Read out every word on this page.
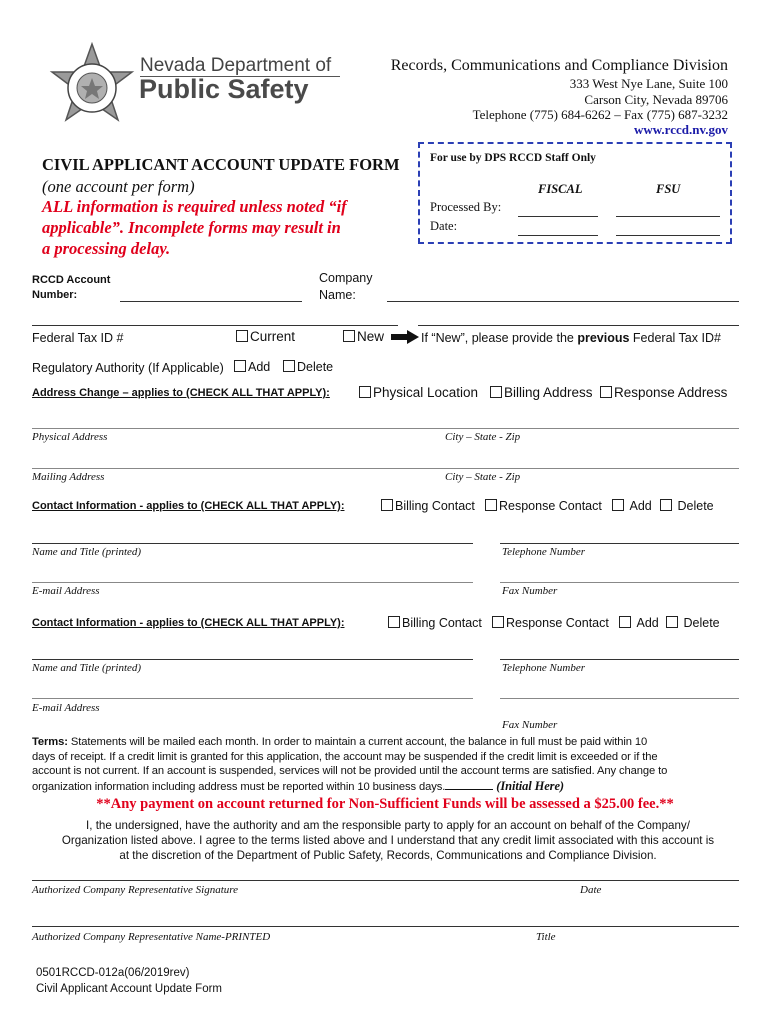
Nevada Department of
Public Safety
Records, Communications and Compliance Division
333 West Nye Lane, Suite 100
Carson City, Nevada 89706
Telephone (775) 684-6262 – Fax (775) 687-3232
www.rccd.nv.gov
CIVIL APPLICANT ACCOUNT UPDATE FORM
(one account per form)
ALL information is required unless noted “if
applicable”. Incomplete forms may result in
a processing delay.
For use by DPS RCCD Staff Only
FISCAL	FSU
Processed By:
Date:
RCCD Account
Number:
Company
Name:
Federal Tax ID #	Current	New	If “New”, please provide the previous Federal Tax ID#
Regulatory Authority (If Applicable)	Add	Delete
Address Change – applies to (CHECK ALL THAT APPLY):	Physical Location	Billing Address	Response Address
Physical Address	City – State - Zip
Mailing Address	City – State - Zip
Contact Information - applies to (CHECK ALL THAT APPLY):	Billing Contact	Response Contact	Add	Delete
Name and Title (printed)	Telephone Number
E-mail Address	Fax Number
Contact Information - applies to (CHECK ALL THAT APPLY):	Billing Contact	Response Contact	Add	Delete
Name and Title (printed)	Telephone Number
E-mail Address
Fax Number
Terms: Statements will be mailed each month. In order to maintain a current account, the balance in full must be paid within 10
days of receipt. If a credit limit is granted for this application, the account may be suspended if the credit limit is exceeded or if the
account is not current. If an account is suspended, services will not be provided until the account terms are satisfied. Any change to
organization information including address must be reported within 10 business days.	(Initial Here)
**Any payment on account returned for Non-Sufficient Funds will be assessed a $25.00 fee.**
I, the undersigned, have the authority and am the responsible party to apply for an account on behalf of the Company/
Organization listed above. I agree to the terms listed above and I understand that any credit limit associated with this account is
at the discretion of the Department of Public Safety, Records, Communications and Compliance Division.
Authorized Company Representative Signature	Date
Authorized Company Representative Name-PRINTED	Title
0501RCCD-012a(06/2019rev)
Civil Applicant Account Update Form
